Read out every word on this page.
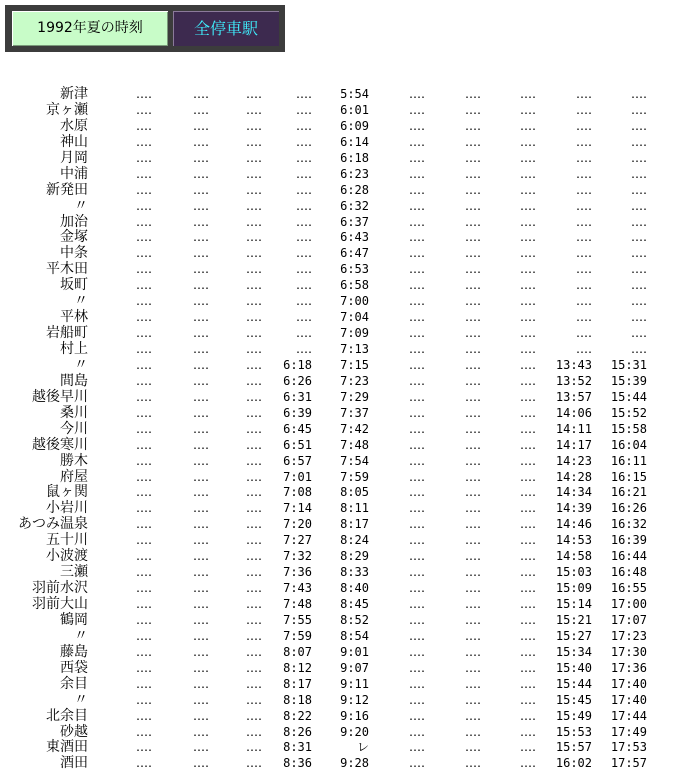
1992年夏の時刻	全停車駅
新津	‥‥	‥‥	‥‥	‥‥	5:54	‥‥	‥‥	‥‥	‥‥	‥‥
京ヶ瀬	‥‥	‥‥	‥‥	‥‥	6:01	‥‥	‥‥	‥‥	‥‥	‥‥
水原	‥‥	‥‥	‥‥	‥‥	6:09	‥‥	‥‥	‥‥	‥‥	‥‥
神山	‥‥	‥‥	‥‥	‥‥	6:14	‥‥	‥‥	‥‥	‥‥	‥‥
月岡	‥‥	‥‥	‥‥	‥‥	6:18	‥‥	‥‥	‥‥	‥‥	‥‥
中浦	‥‥	‥‥	‥‥	‥‥	6:23	‥‥	‥‥	‥‥	‥‥	‥‥
新発田	‥‥	‥‥	‥‥	‥‥	6:28	‥‥	‥‥	‥‥	‥‥	‥‥
〃	‥‥	‥‥	‥‥	‥‥	6:32	‥‥	‥‥	‥‥	‥‥	‥‥
加治	‥‥	‥‥	‥‥	‥‥	6:37	‥‥	‥‥	‥‥	‥‥	‥‥
金塚	‥‥	‥‥	‥‥	‥‥	6:43	‥‥	‥‥	‥‥	‥‥	‥‥
中条	‥‥	‥‥	‥‥	‥‥	6:47	‥‥	‥‥	‥‥	‥‥	‥‥
平木田	‥‥	‥‥	‥‥	‥‥	6:53	‥‥	‥‥	‥‥	‥‥	‥‥
坂町	‥‥	‥‥	‥‥	‥‥	6:58	‥‥	‥‥	‥‥	‥‥	‥‥
〃	‥‥	‥‥	‥‥	‥‥	7:00	‥‥	‥‥	‥‥	‥‥	‥‥
平林	‥‥	‥‥	‥‥	‥‥	7:04	‥‥	‥‥	‥‥	‥‥	‥‥
岩船町	‥‥	‥‥	‥‥	‥‥	7:09	‥‥	‥‥	‥‥	‥‥	‥‥
村上	‥‥	‥‥	‥‥	‥‥	7:13	‥‥	‥‥	‥‥	‥‥	‥‥
〃	‥‥	‥‥	‥‥	6:18	7:15	‥‥	‥‥	‥‥	13:43	15:31
間島	‥‥	‥‥	‥‥	6:26	7:23	‥‥	‥‥	‥‥	13:52	15:39
越後早川	‥‥	‥‥	‥‥	6:31	7:29	‥‥	‥‥	‥‥	13:57	15:44
桑川	‥‥	‥‥	‥‥	6:39	7:37	‥‥	‥‥	‥‥	14:06	15:52
今川	‥‥	‥‥	‥‥	6:45	7:42	‥‥	‥‥	‥‥	14:11	15:58
越後寒川	‥‥	‥‥	‥‥	6:51	7:48	‥‥	‥‥	‥‥	14:17	16:04
勝木	‥‥	‥‥	‥‥	6:57	7:54	‥‥	‥‥	‥‥	14:23	16:11
府屋	‥‥	‥‥	‥‥	7:01	7:59	‥‥	‥‥	‥‥	14:28	16:15
鼠ヶ関	‥‥	‥‥	‥‥	7:08	8:05	‥‥	‥‥	‥‥	14:34	16:21
小岩川	‥‥	‥‥	‥‥	7:14	8:11	‥‥	‥‥	‥‥	14:39	16:26
あつみ温泉	‥‥	‥‥	‥‥	7:20	8:17	‥‥	‥‥	‥‥	14:46	16:32
五十川	‥‥	‥‥	‥‥	7:27	8:24	‥‥	‥‥	‥‥	14:53	16:39
小波渡	‥‥	‥‥	‥‥	7:32	8:29	‥‥	‥‥	‥‥	14:58	16:44
三瀬	‥‥	‥‥	‥‥	7:36	8:33	‥‥	‥‥	‥‥	15:03	16:48
羽前水沢	‥‥	‥‥	‥‥	7:43	8:40	‥‥	‥‥	‥‥	15:09	16:55
羽前大山	‥‥	‥‥	‥‥	7:48	8:45	‥‥	‥‥	‥‥	15:14	17:00
鶴岡	‥‥	‥‥	‥‥	7:55	8:52	‥‥	‥‥	‥‥	15:21	17:07
〃	‥‥	‥‥	‥‥	7:59	8:54	‥‥	‥‥	‥‥	15:27	17:23
藤島	‥‥	‥‥	‥‥	8:07	9:01	‥‥	‥‥	‥‥	15:34	17:30
西袋	‥‥	‥‥	‥‥	8:12	9:07	‥‥	‥‥	‥‥	15:40	17:36
余目	‥‥	‥‥	‥‥	8:17	9:11	‥‥	‥‥	‥‥	15:44	17:40
〃	‥‥	‥‥	‥‥	8:18	9:12	‥‥	‥‥	‥‥	15:45	17:40
北余目	‥‥	‥‥	‥‥	8:22	9:16	‥‥	‥‥	‥‥	15:49	17:44
砂越	‥‥	‥‥	‥‥	8:26	9:20	‥‥	‥‥	‥‥	15:53	17:49
東酒田	‥‥	‥‥	‥‥	8:31	レ	‥‥	‥‥	‥‥	15:57	17:53
酒田	‥‥	‥‥	‥‥	8:36	9:28	‥‥	‥‥	‥‥	16:02	17:57
